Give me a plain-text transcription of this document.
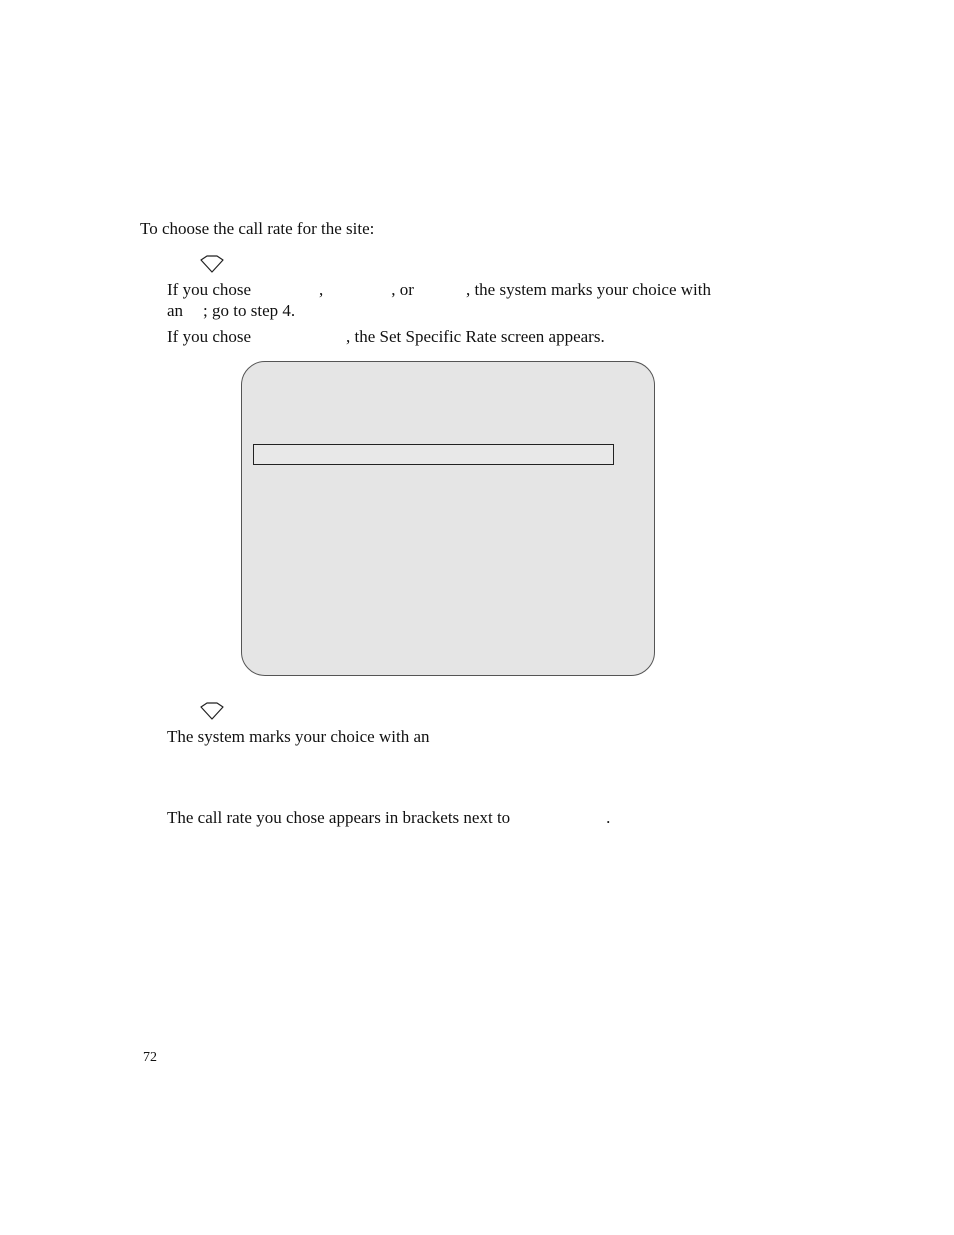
To choose the call rate for the site:
If you chose	,	, or	, the system marks your choice with
an ; go to step 4.
If you chose	, the Set Specific Rate screen appears.
The system marks your choice with an
The call rate you chose appears in brackets next to	.
72
